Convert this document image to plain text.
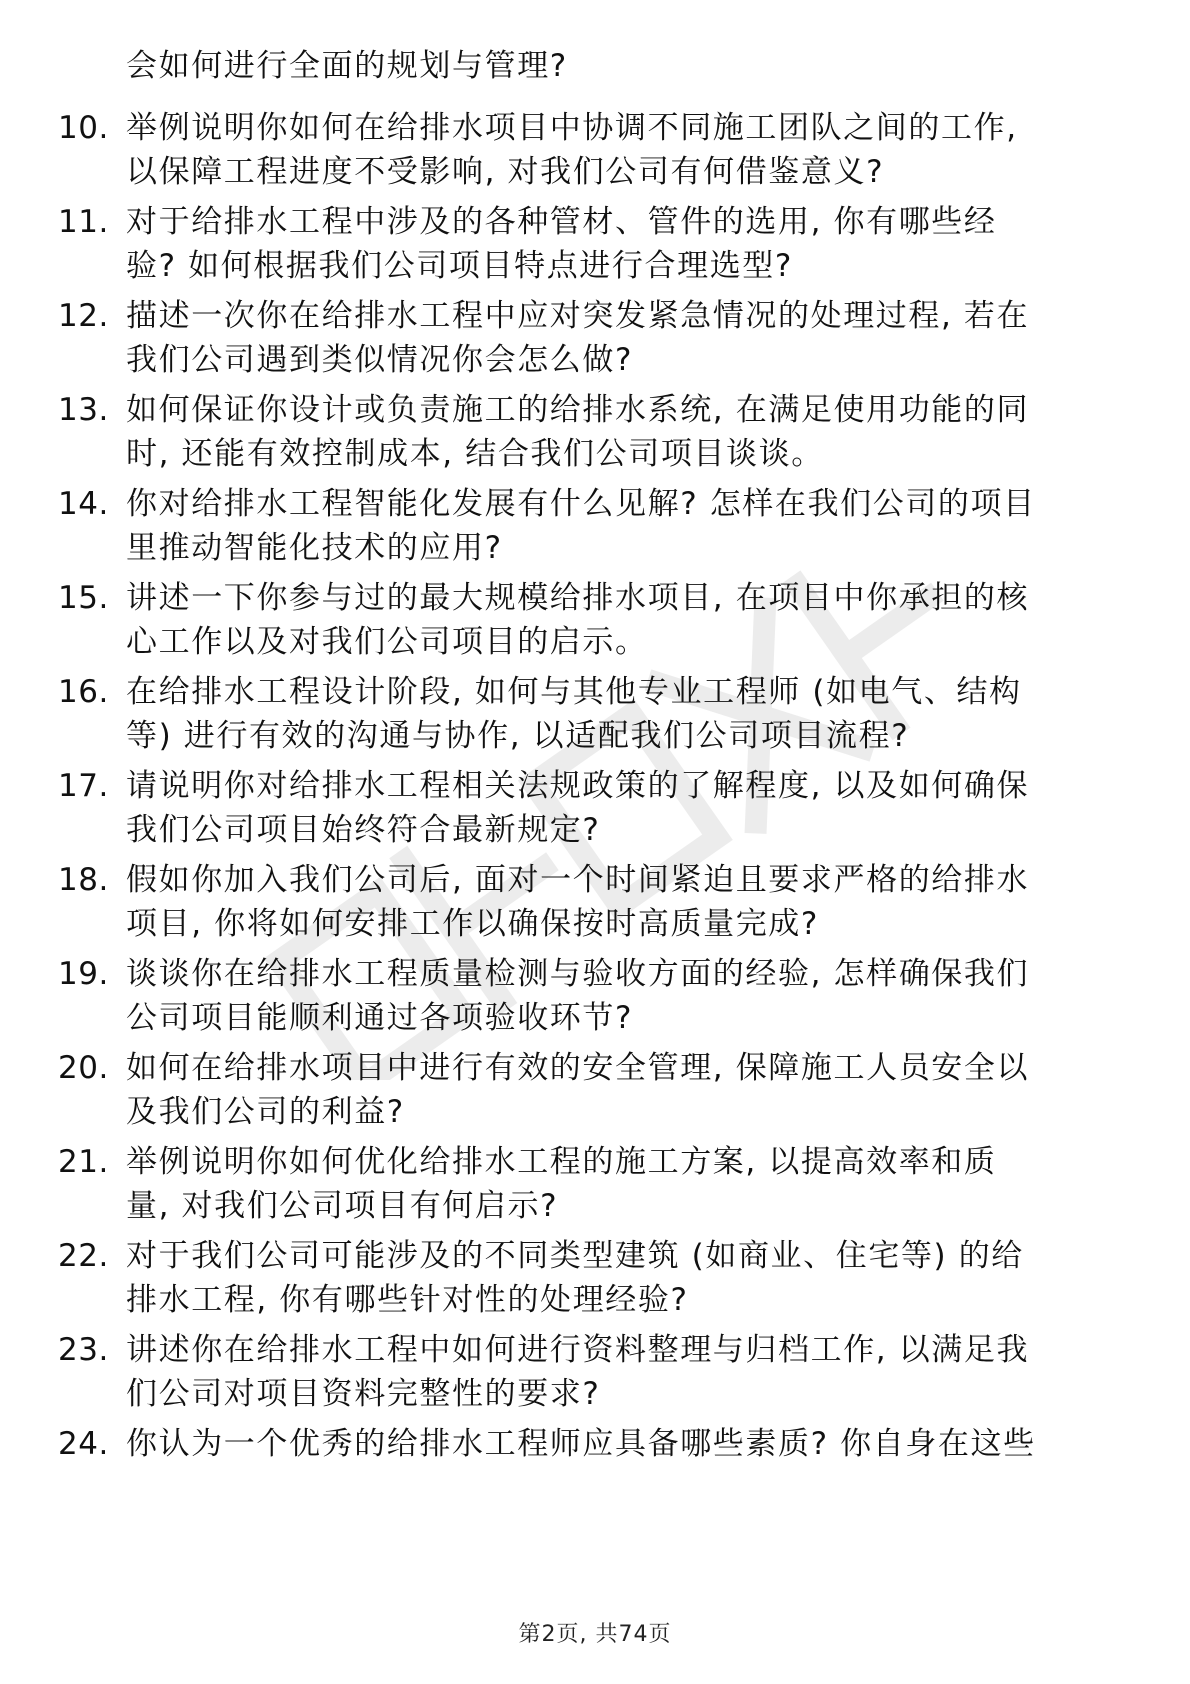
会如何进行全面的规划与管理?
10. 举例说明你如何在给排水项目中协调不同施工团队之间的工作,
以保障工程进度不受影响, 对我们公司有何借鉴意义?
11. 对于给排水工程中涉及的各种管材、管件的选用, 你有哪些经
验? 如何根据我们公司项目特点进行合理选型?
12. 描述一次你在给排水工程中应对突发紧急情况的处理过程, 若在
我们公司遇到类似情况你会怎么做?
13. 如何保证你设计或负责施工的给排水系统, 在满足使用功能的同
时, 还能有效控制成本, 结合我们公司项目谈谈。
14. 你对给排水工程智能化发展有什么见解? 怎样在我们公司的项目
里推动智能化技术的应用?
15. 讲述一下你参与过的最大规模给排水项目, 在项目中你承担的核
心工作以及对我们公司项目的启示。
16. 在给排水工程设计阶段, 如何与其他专业工程师 (如电气、结构
等) 进行有效的沟通与协作, 以适配我们公司项目流程?
17. 请说明你对给排水工程相关法规政策的了解程度, 以及如何确保
我们公司项目始终符合最新规定?
18. 假如你加入我们公司后, 面对一个时间紧迫且要求严格的给排水
项目, 你将如何安排工作以确保按时高质量完成?
19. 谈谈你在给排水工程质量检测与验收方面的经验, 怎样确保我们
公司项目能顺利通过各项验收环节?
20. 如何在给排水项目中进行有效的安全管理, 保障施工人员安全以
及我们公司的利益?
21. 举例说明你如何优化给排水工程的施工方案, 以提高效率和质
量, 对我们公司项目有何启示?
22. 对于我们公司可能涉及的不同类型建筑 (如商业、住宅等) 的给
排水工程, 你有哪些针对性的处理经验?
23. 讲述你在给排水工程中如何进行资料整理与归档工作, 以满足我
们公司对项目资料完整性的要求?
24. 你认为一个优秀的给排水工程师应具备哪些素质? 你自身在这些
第2页, 共74页
